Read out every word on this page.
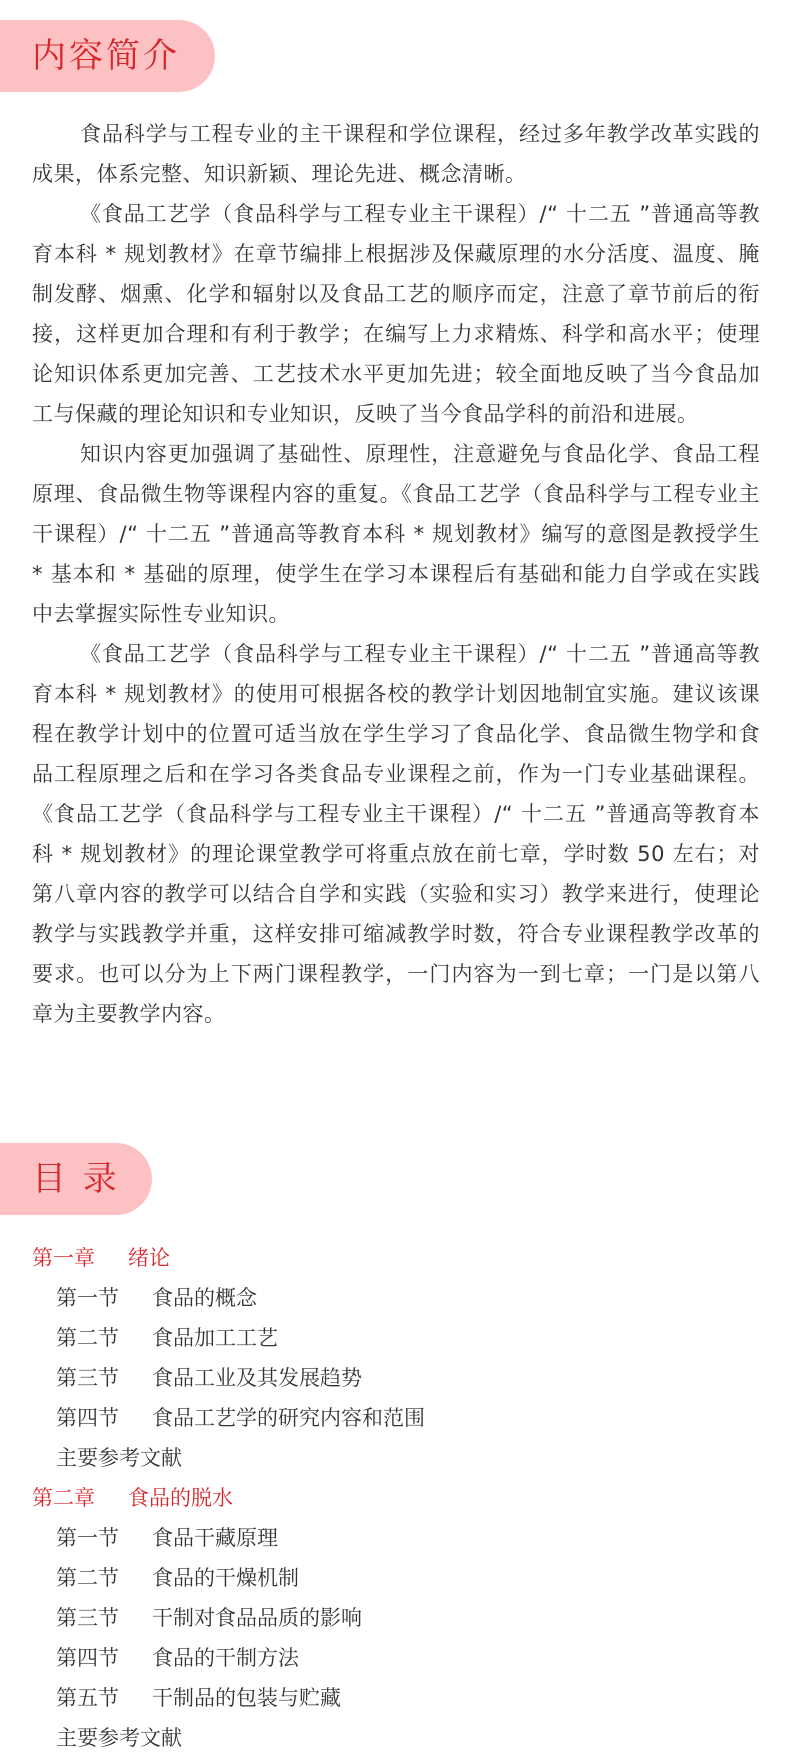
内容简介

食品科学与工程专业的主干课程和学位课程，经过多年教学改革实践的成果，体系完整、知识新颖、理论先进、概念清晰。

《食品工艺学（食品科学与工程专业主干课程）/“ 十二五 ”普通高等教育本科 * 规划教材》在章节编排上根据涉及保藏原理的水分活度、温度、腌制发酵、烟熏、化学和辐射以及食品工艺的顺序而定，注意了章节前后的衔接，这样更加合理和有利于教学；在编写上力求精炼、科学和高水平；使理论知识体系更加完善、工艺技术水平更加先进；较全面地反映了当今食品加工与保藏的理论知识和专业知识，反映了当今食品学科的前沿和进展。

知识内容更加强调了基础性、原理性，注意避免与食品化学、食品工程原理、食品微生物等课程内容的重复。《食品工艺学（食品科学与工程专业主干课程）/“ 十二五 ”普通高等教育本科 * 规划教材》编写的意图是教授学生 * 基本和 * 基础的原理，使学生在学习本课程后有基础和能力自学或在实践中去掌握实际性专业知识。

《食品工艺学（食品科学与工程专业主干课程）/“ 十二五 ”普通高等教育本科 * 规划教材》的使用可根据各校的教学计划因地制宜实施。建议该课程在教学计划中的位置可适当放在学生学习了食品化学、食品微生物学和食品工程原理之后和在学习各类食品专业课程之前，作为一门专业基础课程。《食品工艺学（食品科学与工程专业主干课程）/“ 十二五 ”普通高等教育本科 * 规划教材》的理论课堂教学可将重点放在前七章，学时数 50 左右；对第八章内容的教学可以结合自学和实践（实验和实习）教学来进行，使理论教学与实践教学并重，这样安排可缩减教学时数，符合专业课程教学改革的要求。也可以分为上下两门课程教学，一门内容为一到七章；一门是以第八章为主要教学内容。

目 录
第一章	绪论
第一节	食品的概念
第二节	食品加工工艺
第三节	食品工业及其发展趋势
第四节	食品工艺学的研究内容和范围
主要参考文献
第二章	食品的脱水
第一节	食品干藏原理
第二节	食品的干燥机制
第三节	干制对食品品质的影响
第四节	食品的干制方法
第五节	干制品的包装与贮藏
主要参考文献
